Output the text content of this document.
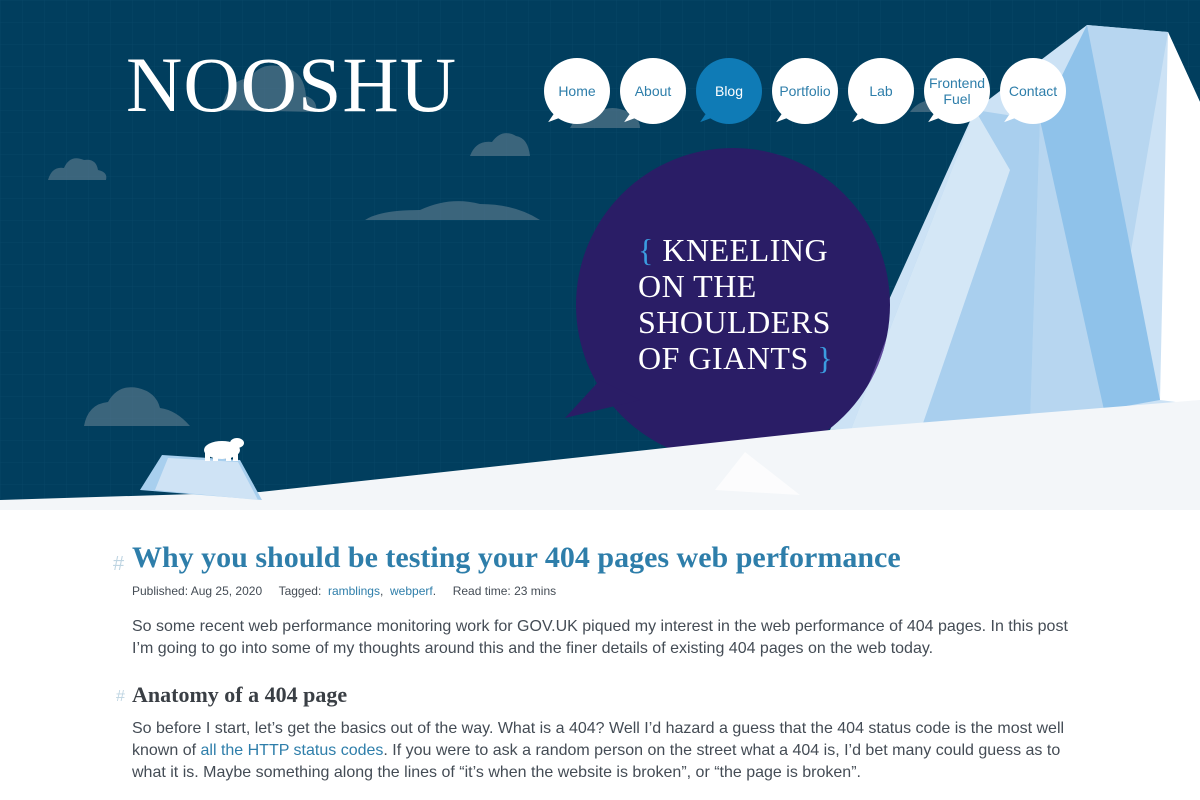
NOOSHU	Home	About	Blog	Portfolio	Lab	Frontend Fuel	Contact

{ KNEELING
ON THE
SHOULDERS
OF GIANTS }

# Why you should be testing your 404 pages web performance
Published: Aug 25, 2020 Tagged: ramblings,  webperf.     Read time: 23 mins

So some recent web performance monitoring work for GOV.UK piqued my interest in the web performance of 404 pages. In this post I’m going to go into some of my thoughts around this and the finer details of existing 404 pages on the web today.

# Anatomy of a 404 page

So before I start, let’s get the basics out of the way. What is a 404? Well I’d hazard a guess that the 404 status code is the most well known of all the HTTP status codes. If you were to ask a random person on the street what a 404 is, I’d bet many could guess as to what it is. Maybe something along the lines of “it’s when the website is broken”, or “the page is broken”.
